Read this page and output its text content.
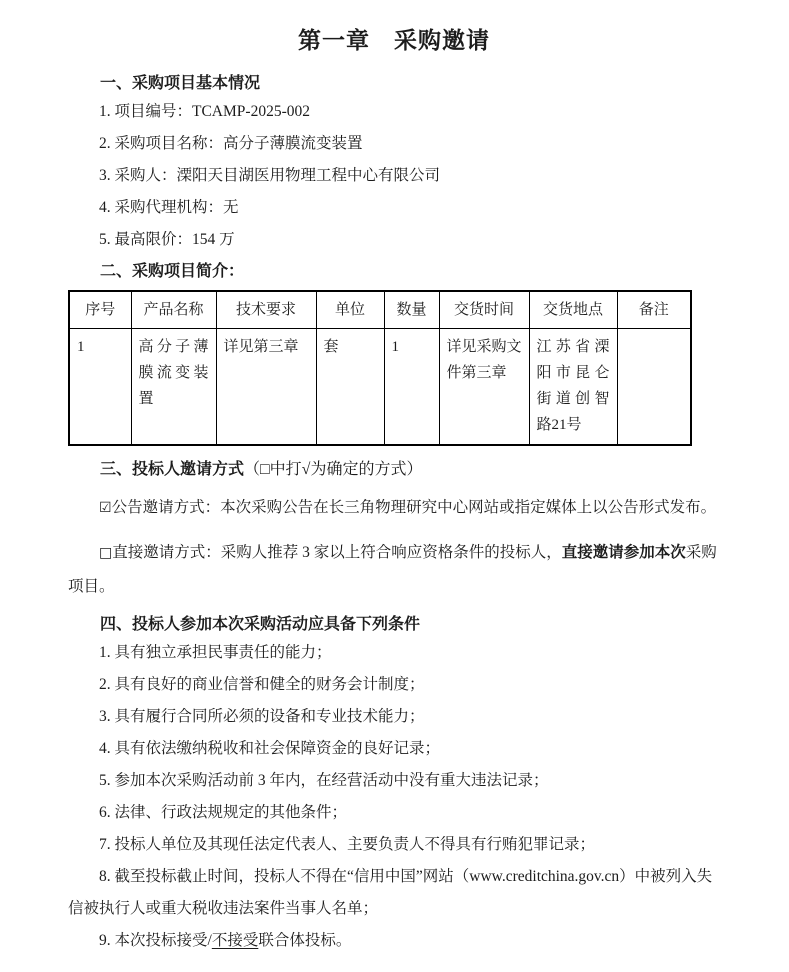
第一章　采购邀请
一、采购项目基本情况

1. 项目编号：TCAMP-2025-002

2. 采购项目名称：高分子薄膜流变装置

3. 采购人：溧阳天目湖医用物理工程中心有限公司

4. 采购代理机构：无

5. 最高限价：154 万

二、采购项目简介：
序号	产品名称	技术要求	单位	数量	交货时间	交货地点	备注
1	高分子薄膜流变装置	详见第三章	套	1	详见采购文件第三章	江苏省溧阳市昆仑街道创智路21号	
三、投标人邀请方式（□中打√为确定的方式）

☑公告邀请方式：本次采购公告在长三角物理研究中心网站或指定媒体上以公告形式发布。

□直接邀请方式：采购人推荐 3 家以上符合响应资格条件的投标人，直接邀请参加本次采购项目。

四、投标人参加本次采购活动应具备下列条件

1. 具有独立承担民事责任的能力；

2. 具有良好的商业信誉和健全的财务会计制度；

3. 具有履行合同所必须的设备和专业技术能力；

4. 具有依法缴纳税收和社会保障资金的良好记录；

5. 参加本次采购活动前 3 年内，在经营活动中没有重大违法记录；

6. 法律、行政法规规定的其他条件；

7. 投标人单位及其现任法定代表人、主要负责人不得具有行贿犯罪记录；

8. 截至投标截止时间，投标人不得在“信用中国”网站（www.creditchina.gov.cn）中被列入失信被执行人或重大税收违法案件当事人名单；

9. 本次投标接受/不接受联合体投标。
